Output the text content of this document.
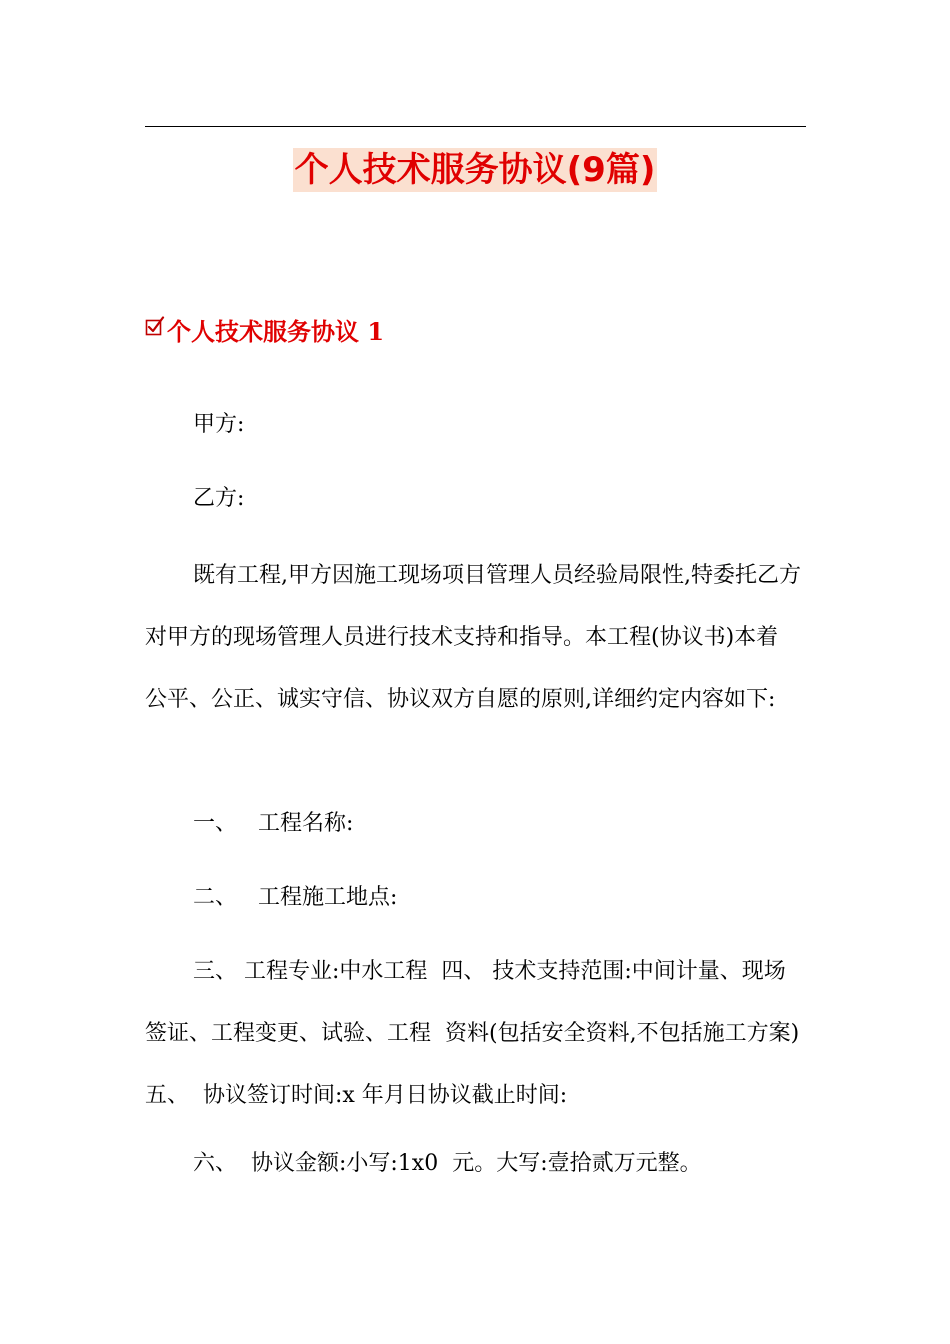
个人技术服务协议(9篇)
个人技术服务协议 1

甲方:

乙方:

既有工程,甲方因施工现场项目管理人员经验局限性,特委托乙方 对甲方的现场管理人员进行技术支持和指导。本工程(协议书)本着  公平、公正、诚实守信、协议双方自愿的原则,详细约定内容如下:

一、   工程名称:

二、   工程施工地点:

三、 工程专业:中水工程  四、 技术支持范围:中间计量、现场签证、工程变更、试验、工程  资料(包括安全资料,不包括施工方案) 五、  协议签订时间:x 年月日协议截止时间:

六、  协议金额:小写:1x0  元。大写:壹拾贰万元整。
